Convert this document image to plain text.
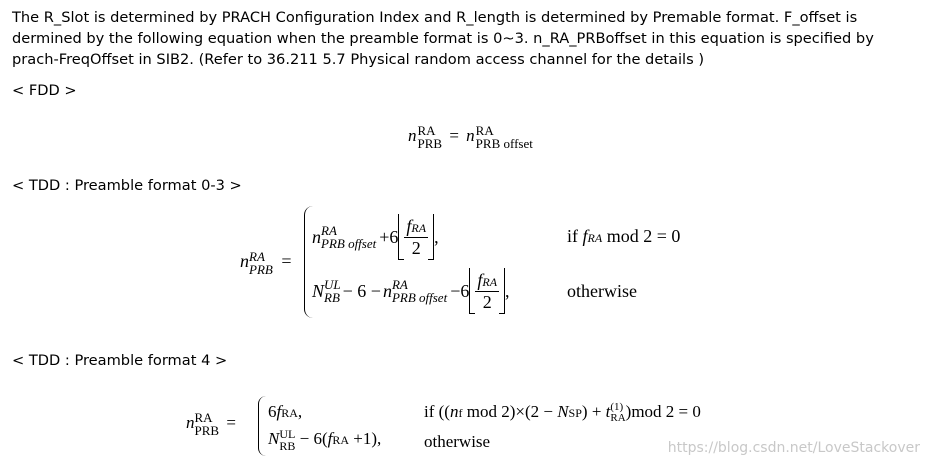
The R_Slot is determined by PRACH Configuration Index and R_length is determined by Premable format. F_offset is dermined by the following equation when the preamble format is 0~3. n_RA_PRBoffset in this equation is specified by prach-FreqOffset in SIB2. (Refer to 36.211 5.7 Physical random access channel for the details )

< FDD >

n RA
PRB = n RA
PRB offset

< TDD : Preamble format 0-3 >

n RA
PRB =
n RA
PRB offset $+6 \frac{\text{fRA}}{2}$ ,	if fRA mod 2 = 0
N UL
RB − 6 − n RA
PRB offset $-6 \frac{\text{fRA}}{2}$ ,	otherwise

< TDD : Preamble format 4 >

n RA
PRB =
6fRA,	if ((nf mod 2)×(2 − NSP) + t (1)
RA )mod 2 = 0
N UL
RB − 6(fRA +1),	otherwise	https://blog.csdn.net/LoveStackover
